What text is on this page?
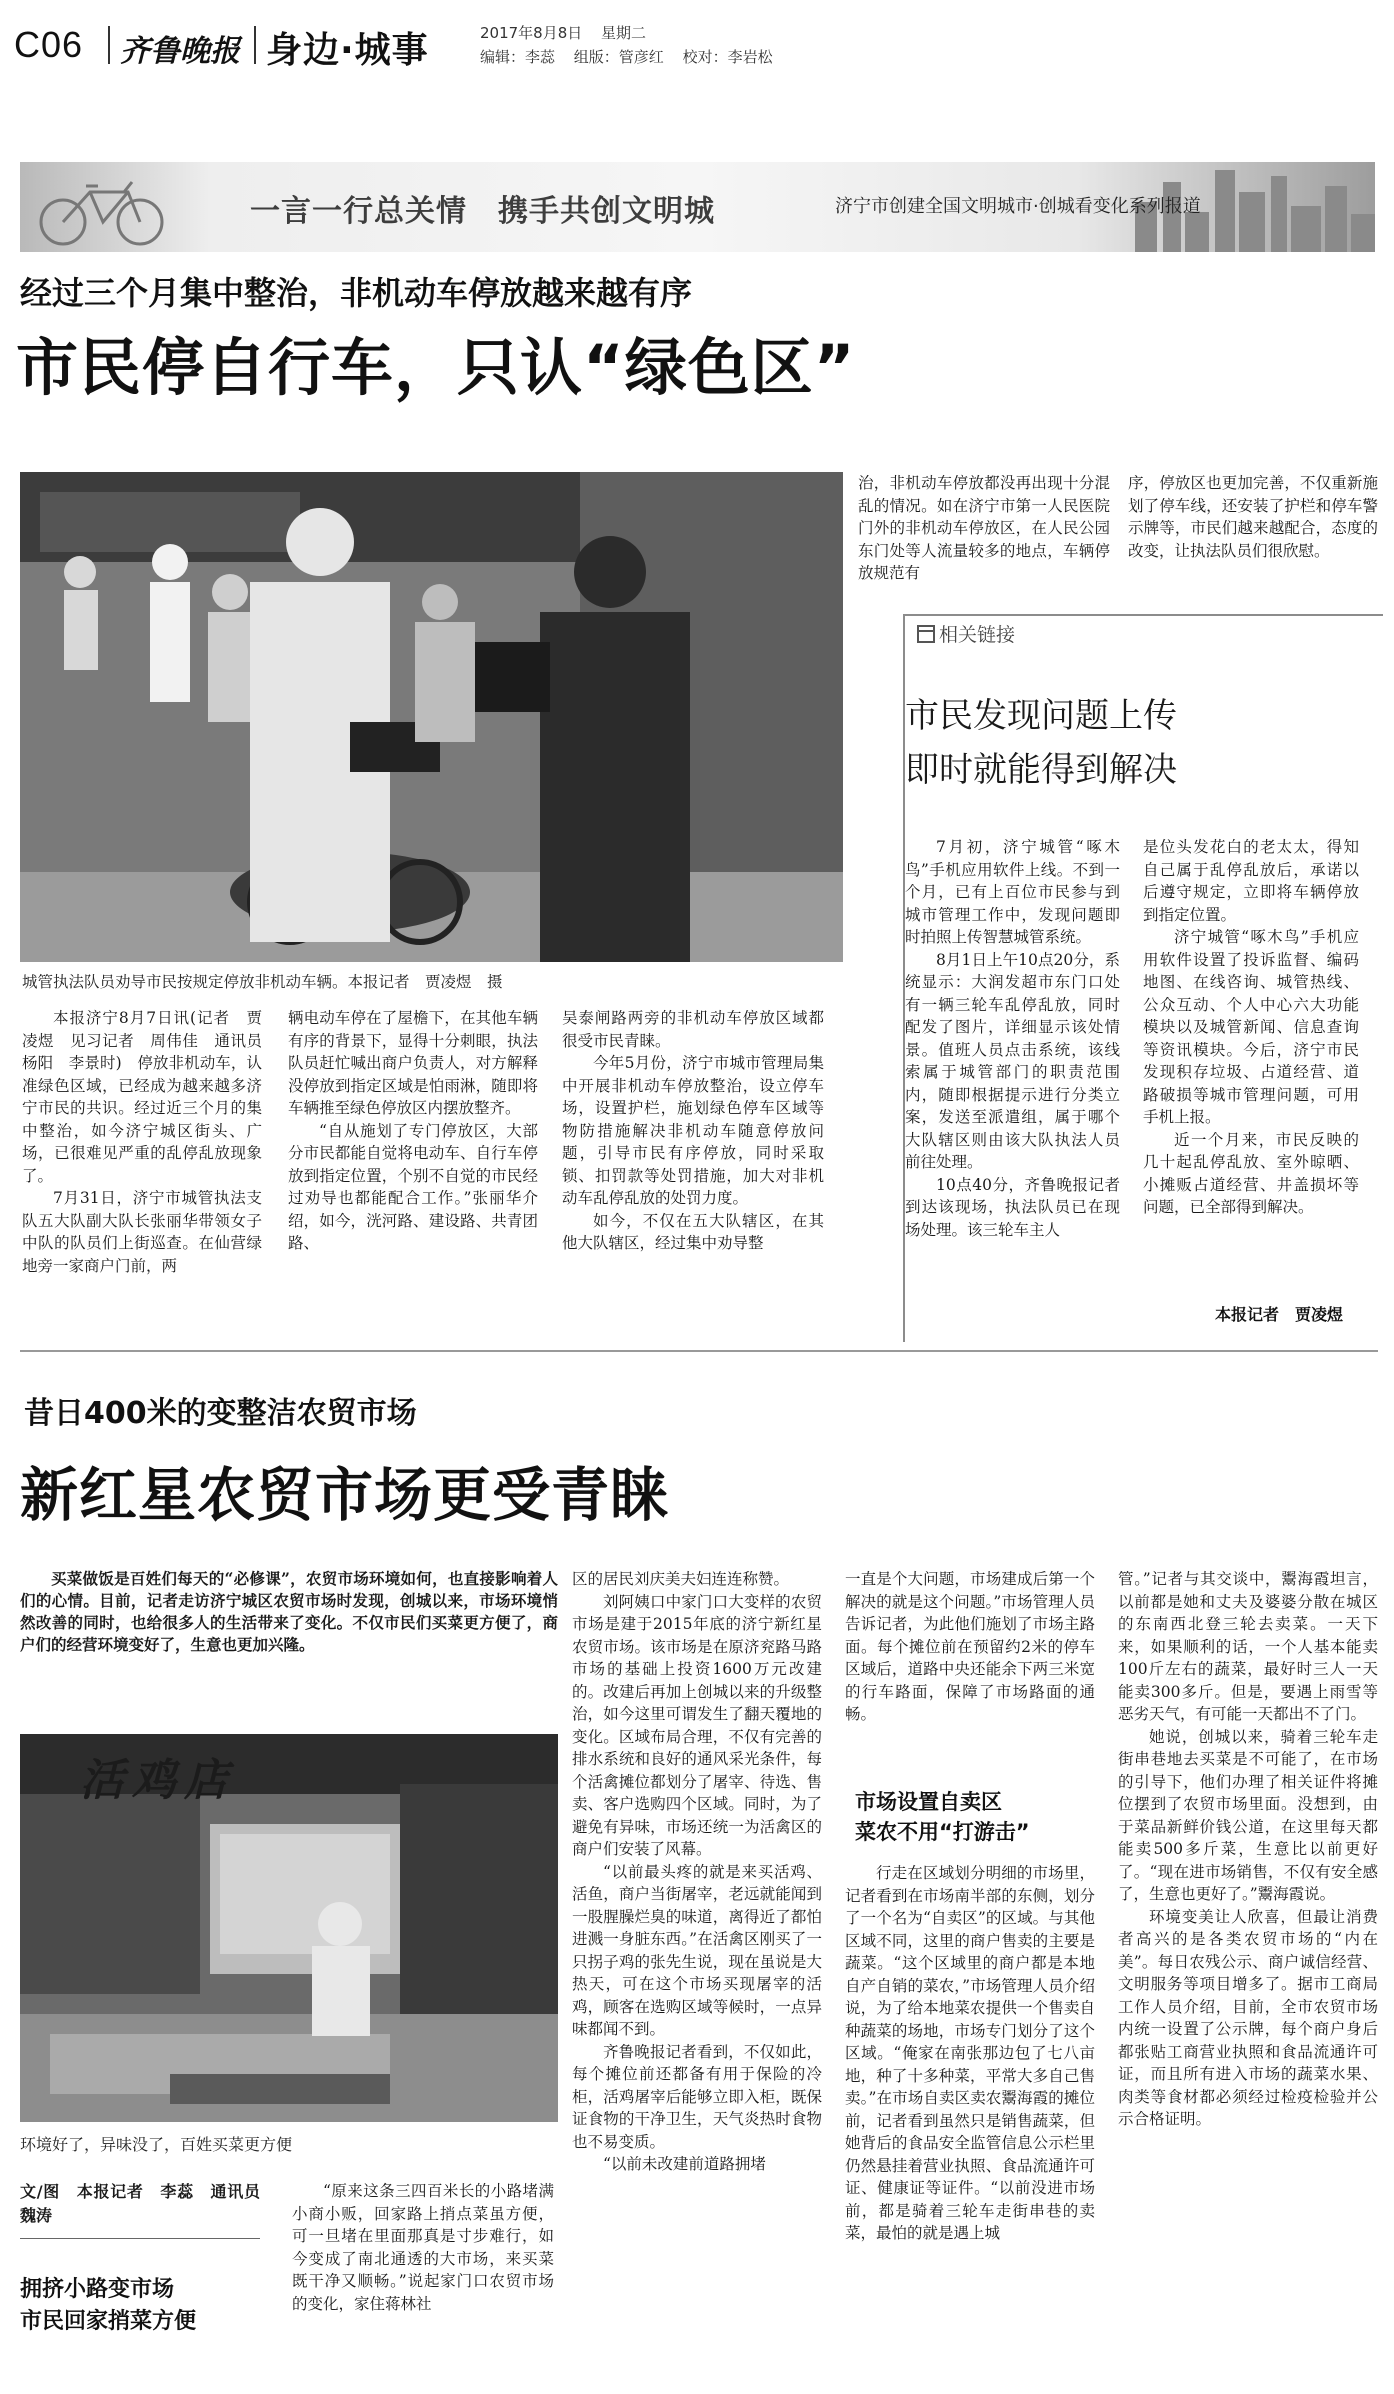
C06 齐鲁晚报 身边·城事	2017年8月8日 星期二
编辑：李蕊 组版：管彦红 校对：李岩松
一言一行总关情　携手共创文明城	济宁市创建全国文明城市·创城看变化系列报道
经过三个月集中整治，非机动车停放越来越有序
市民停自行车，只认“绿色区”
城管执法队员劝导市民按规定停放非机动车辆。本报记者　贾凌煜　摄

本报济宁8月7日讯(记者　贾凌煜　见习记者　周伟佳　通讯员　杨阳　李景时)　停放非机动车，认准绿色区域，已经成为越来越多济宁市民的共识。经过近三个月的集中整治，如今济宁城区街头、广场，已很难见严重的乱停乱放现象了。

7月31日，济宁市城管执法支队五大队副大队长张丽华带领女子中队的队员们上街巡查。在仙营绿地旁一家商户门前，两

辆电动车停在了屋檐下，在其他车辆有序的背景下，显得十分刺眼，执法队员赶忙喊出商户负责人，对方解释没停放到指定区域是怕雨淋，随即将车辆推至绿色停放区内摆放整齐。

“自从施划了专门停放区，大部分市民都能自觉将电动车、自行车停放到指定位置，个别不自觉的市民经过劝导也都能配合工作。”张丽华介绍，如今，洸河路、建设路、共青团路、

吴泰闸路两旁的非机动车停放区域都很受市民青睐。

今年5月份，济宁市城市管理局集中开展非机动车停放整治，设立停车场，设置护栏，施划绿色停车区域等物防措施解决非机动车随意停放问题，引导市民有序停放，同时采取锁、扣罚款等处罚措施，加大对非机动车乱停乱放的处罚力度。

如今，不仅在五大队辖区，在其他大队辖区，经过集中劝导整

治，非机动车停放都没再出现十分混乱的情况。如在济宁市第一人民医院门外的非机动车停放区，在人民公园东门处等人流量较多的地点，车辆停放规范有

序，停放区也更加完善，不仅重新施划了停车线，还安装了护栏和停车警示牌等，市民们越来越配合，态度的改变，让执法队员们很欣慰。

相关链接
市民发现问题上传
即时就能得到解决

7月初，济宁城管“啄木鸟”手机应用软件上线。不到一个月，已有上百位市民参与到城市管理工作中，发现问题即时拍照上传智慧城管系统。

8月1日上午10点20分，系统显示：大润发超市东门口处有一辆三轮车乱停乱放，同时配发了图片，详细显示该处情景。值班人员点击系统，该线索属于城管部门的职责范围内，随即根据提示进行分类立案，发送至派遣组，属于哪个大队辖区则由该大队执法人员前往处理。

10点40分，齐鲁晚报记者到达该现场，执法队员已在现场处理。该三轮车主人

是位头发花白的老太太，得知自己属于乱停乱放后，承诺以后遵守规定，立即将车辆停放到指定位置。

济宁城管“啄木鸟”手机应用软件设置了投诉监督、编码地图、在线咨询、城管热线、公众互动、个人中心六大功能模块以及城管新闻、信息查询等资讯模块。今后，济宁市民发现积存垃圾、占道经营、道路破损等城市管理问题，可用手机上报。

近一个月来，市民反映的几十起乱停乱放、室外晾晒、小摊贩占道经营、井盖损坏等问题，已全部得到解决。

本报记者　贾凌煜
昔日400米的变整洁农贸市场
新红星农贸市场更受青睐

买菜做饭是百姓们每天的“必修课”，农贸市场环境如何，也直接影响着人们的心情。目前，记者走访济宁城区农贸市场时发现，创城以来，市场环境悄然改善的同时，也给很多人的生活带来了变化。不仅市民们买菜更方便了，商户们的经营环境变好了，生意也更加兴隆。

活鸡店
环境好了，异味没了，百姓买菜更方便

文/图　本报记者　李蕊　通讯员　魏涛

拥挤小路变市场
市民回家捎菜方便

“原来这条三四百米长的小路堵满小商小贩，回家路上捎点菜虽方便，可一旦堵在里面那真是寸步难行，如今变成了南北通透的大市场，来买菜既干净又顺畅。”说起家门口农贸市场的变化，家住蒋林社

区的居民刘庆美夫妇连连称赞。

刘阿姨口中家门口大变样的农贸市场是建于2015年底的济宁新红星农贸市场。该市场是在原济兖路马路市场的基础上投资1600万元改建的。改建后再加上创城以来的升级整治，如今这里可谓发生了翻天覆地的变化。区域布局合理，不仅有完善的排水系统和良好的通风采光条件，每个活禽摊位都划分了屠宰、待选、售卖、客户选购四个区域。同时，为了避免有异味，市场还统一为活禽区的商户们安装了风幕。

“以前最头疼的就是来买活鸡、活鱼，商户当街屠宰，老远就能闻到一股腥臊烂臭的味道，离得近了都怕进溅一身脏东西。”在活禽区刚买了一只拐子鸡的张先生说，现在虽说是大热天，可在这个市场买现屠宰的活鸡，顾客在选购区域等候时，一点异味都闻不到。

齐鲁晚报记者看到，不仅如此，每个摊位前还都备有用于保险的冷柜，活鸡屠宰后能够立即入柜，既保证食物的干净卫生，天气炎热时食物也不易变质。

“以前未改建前道路拥堵

一直是个大问题，市场建成后第一个解决的就是这个问题。”市场管理人员告诉记者，为此他们施划了市场主路面。每个摊位前在预留约2米的停车区域后，道路中央还能余下两三米宽的行车路面，保障了市场路面的通畅。

市场设置自卖区
菜农不用“打游击”

行走在区域划分明细的市场里，记者看到在市场南半部的东侧，划分了一个名为“自卖区”的区域。与其他区域不同，这里的商户售卖的主要是蔬菜。“这个区域里的商户都是本地自产自销的菜农，”市场管理人员介绍说，为了给本地菜农提供一个售卖自种蔬菜的场地，市场专门划分了这个区域。“俺家在南张那边包了七八亩地，种了十多种菜，平常大多自己售卖。”在市场自卖区卖农鬻海霞的摊位前，记者看到虽然只是销售蔬菜，但她背后的食品安全监管信息公示栏里仍然悬挂着营业执照、食品流通许可证、健康证等证件。“以前没进市场前，都是骑着三轮车走街串巷的卖菜，最怕的就是遇上城

管。”记者与其交谈中，鬻海霞坦言，以前都是她和丈夫及婆婆分散在城区的东南西北登三轮去卖菜。一天下来，如果顺利的话，一个人基本能卖100斤左右的蔬菜，最好时三人一天能卖300多斤。但是，要遇上雨雪等恶劣天气，有可能一天都出不了门。

她说，创城以来，骑着三轮车走街串巷地去买菜是不可能了，在市场的引导下，他们办理了相关证件将摊位摆到了农贸市场里面。没想到，由于菜品新鲜价钱公道，在这里每天都能卖500多斤菜，生意比以前更好了。“现在进市场销售，不仅有安全感了，生意也更好了。”鬻海霞说。

环境变美让人欣喜，但最让消费者高兴的是各类农贸市场的“内在美”。每日农残公示、商户诚信经营、文明服务等项目增多了。据市工商局工作人员介绍，目前，全市农贸市场内统一设置了公示牌，每个商户身后都张贴工商营业执照和食品流通许可证，而且所有进入市场的蔬菜水果、肉类等食材都必须经过检疫检验并公示合格证明。
